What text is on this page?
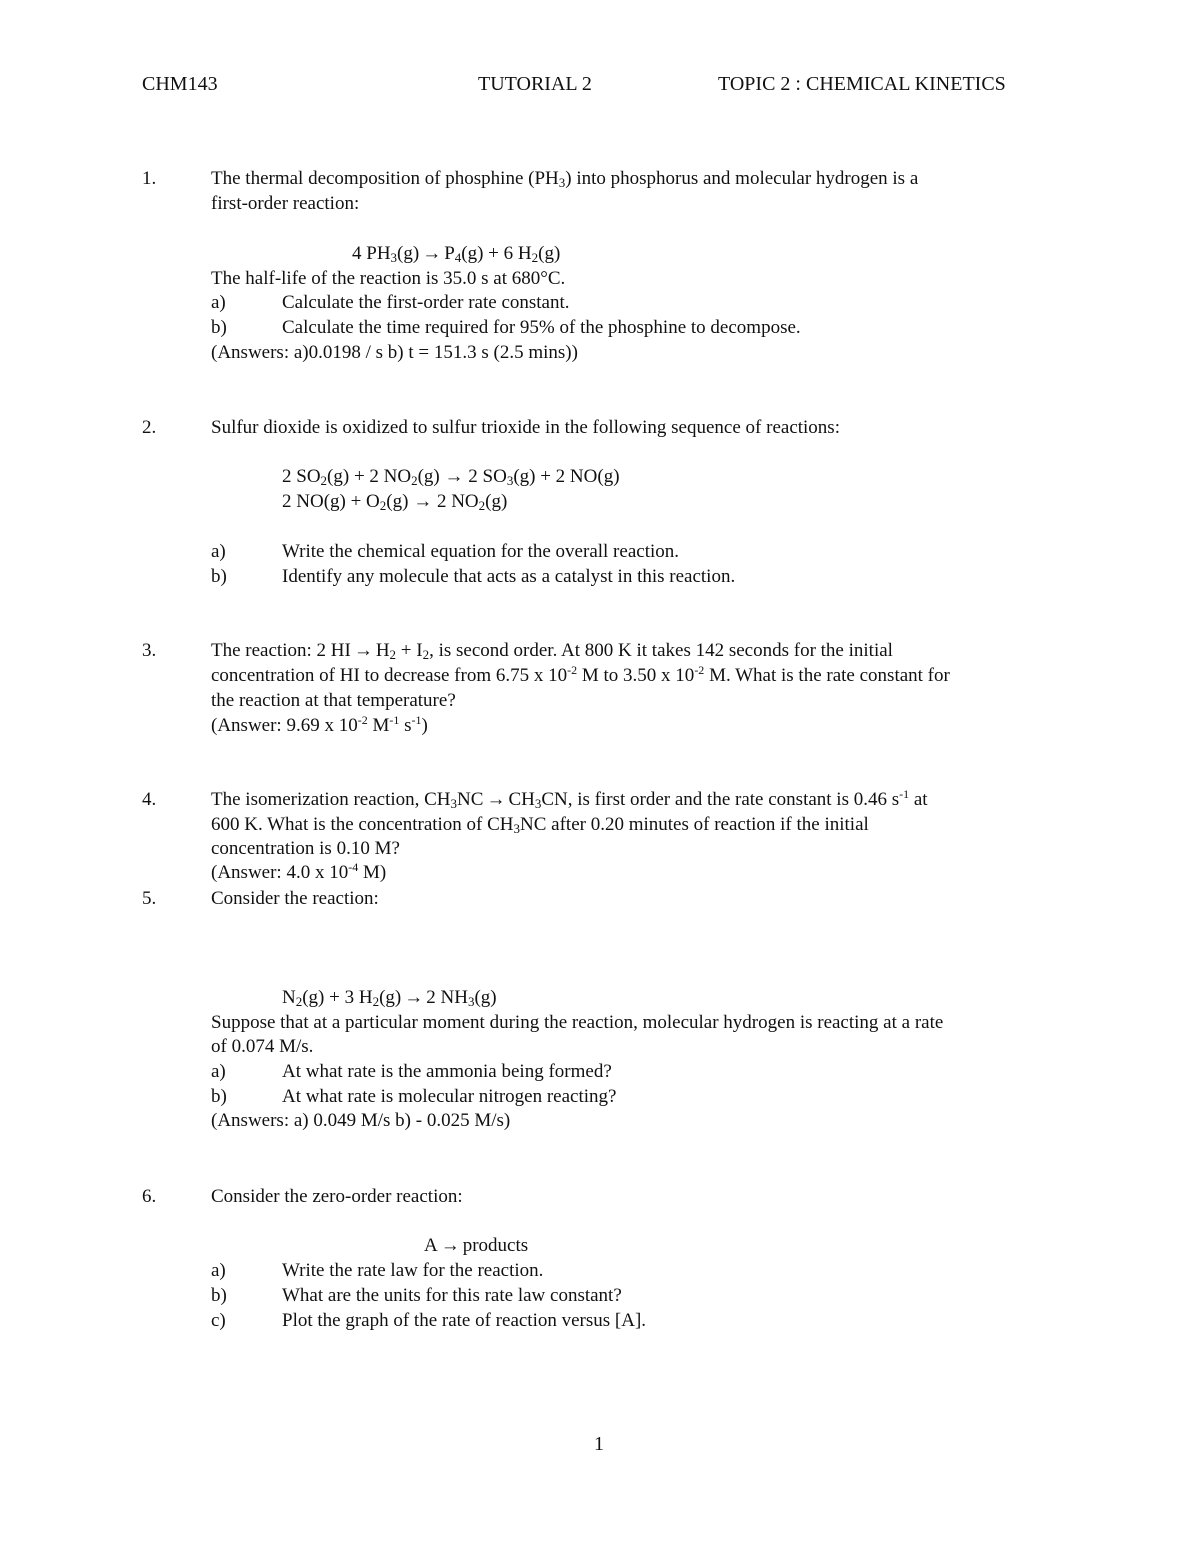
CHM143	TUTORIAL 2	TOPIC 2 : CHEMICAL KINETICS
1.	The thermal decomposition of phosphine $(PH_3)$ into phosphorus and molecular hydrogen is a
first-order reaction:
4 $PH_3(g) \to P_4(g) + 6$ $H_2(g)$
The half-life of the reaction is 35.0 s at 680°C.
a)	Calculate the first-order rate constant.
b)	Calculate the time required for 95% of the phosphine to decompose.
(Answers: a)0.0198 / s b) t = 151.3 s (2.5 mins))
2.	Sulfur dioxide is oxidized to sulfur trioxide in the following sequence of reactions:
2 $SO_2(g) + 2$ $NO_2(g) \to 2$ $SO_3(g) + 2$ NO(g)
2 $NO(g) + O_2(g) \to 2$ $NO_2(g)$
a)	Write the chemical equation for the overall reaction.
b)	Identify any molecule that acts as a catalyst in this reaction.
3.	The reaction: 2 HI → $H_2 + I_2$, is second order. At 800 K it takes 142 seconds for the initial
concentration of HI to decrease from 6.75 x $10^{-2}$ M to 3.50 x $10^{-2}$ M. What is the rate constant for
the reaction at that temperature?
(Answer: 9.69 x $10^{-2}$ $M^{-1}$ $s^{-1}$)
4.	The isomerization reaction, $CH_3NC \to CH_3CN$, is first order and the rate constant is 0.46 $s^{-1}$ at
600 K. What is the concentration of $CH_3NC$ after 0.20 minutes of reaction if the initial
concentration is 0.10 M?
(Answer: 4.0 x $10^{-4}$ M)
5.	Consider the reaction:
$N_2(g) + 3$ $H_2(g) \to 2$ $NH_3(g)$
Suppose that at a particular moment during the reaction, molecular hydrogen is reacting at a rate
of 0.074 M/s.
a)	At what rate is the ammonia being formed?
b)	At what rate is molecular nitrogen reacting?
(Answers: a) 0.049 M/s b) - 0.025 M/s)
6.	Consider the zero-order reaction:
A → products
a)	Write the rate law for the reaction.
b)	What are the units for this rate law constant?
c)	Plot the graph of the rate of reaction versus [A].
1
